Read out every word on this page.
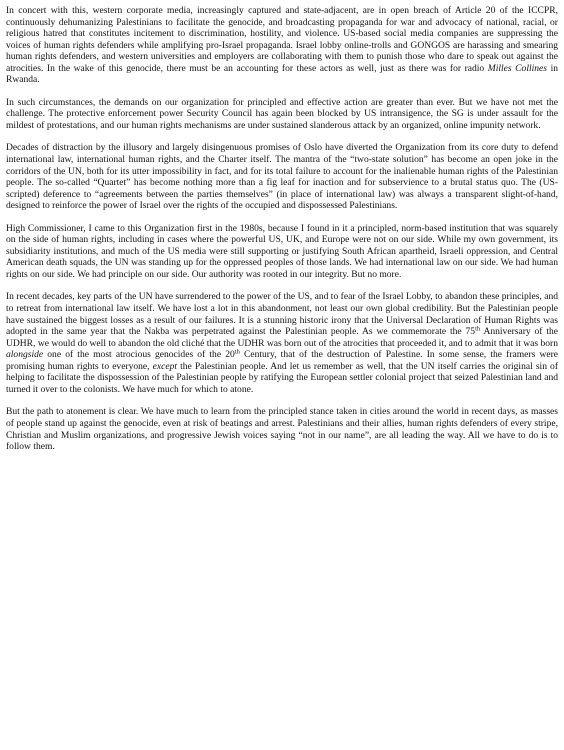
In concert with this, western corporate media, increasingly captured and state-adjacent, are in open breach of Article 20 of the ICCPR, continuously dehumanizing Palestinians to facilitate the genocide, and broadcasting propaganda for war and advocacy of national, racial, or religious hatred that constitutes incitement to discrimination, hostility, and violence. US-based social media companies are suppressing the voices of human rights defenders while amplifying pro-Israel propaganda. Israel lobby online-trolls and GONGOS are harassing and smearing human rights defenders, and western universities and employers are collaborating with them to punish those who dare to speak out against the atrocities. In the wake of this genocide, there must be an accounting for these actors as well, just as there was for radio Milles Collines in Rwanda.

In such circumstances, the demands on our organization for principled and effective action are greater than ever. But we have not met the challenge. The protective enforcement power Security Council has again been blocked by US intransigence, the SG is under assault for the mildest of protestations, and our human rights mechanisms are under sustained slanderous attack by an organized, online impunity network.

Decades of distraction by the illusory and largely disingenuous promises of Oslo have diverted the Organization from its core duty to defend international law, international human rights, and the Charter itself. The mantra of the “two-state solution” has become an open joke in the corridors of the UN, both for its utter impossibility in fact, and for its total failure to account for the inalienable human rights of the Palestinian people. The so-called “Quartet” has become nothing more than a fig leaf for inaction and for subservience to a brutal status quo. The (US-scripted) deference to “agreements between the parties themselves” (in place of international law) was always a transparent slight-of-hand, designed to reinforce the power of Israel over the rights of the occupied and dispossessed Palestinians.

High Commissioner, I came to this Organization first in the 1980s, because I found in it a principled, norm-based institution that was squarely on the side of human rights, including in cases where the powerful US, UK, and Europe were not on our side. While my own government, its subsidiarity institutions, and much of the US media were still supporting or justifying South African apartheid, Israeli oppression, and Central American death squads, the UN was standing up for the oppressed peoples of those lands. We had international law on our side. We had human rights on our side. We had principle on our side. Our authority was rooted in our integrity. But no more.

In recent decades, key parts of the UN have surrendered to the power of the US, and to fear of the Israel Lobby, to abandon these principles, and to retreat from international law itself. We have lost a lot in this abandonment, not least our own global credibility. But the Palestinian people have sustained the biggest losses as a result of our failures. It is a stunning historic irony that the Universal Declaration of Human Rights was adopted in the same year that the Nakba was perpetrated against the Palestinian people. As we commemorate the 75th Anniversary of the UDHR, we would do well to abandon the old cliché that the UDHR was born out of the atrocities that proceeded it, and to admit that it was born alongside one of the most atrocious genocides of the 20th Century, that of the destruction of Palestine. In some sense, the framers were promising human rights to everyone, except the Palestinian people. And let us remember as well, that the UN itself carries the original sin of helping to facilitate the dispossession of the Palestinian people by ratifying the European settler colonial project that seized Palestinian land and turned it over to the colonists. We have much for which to atone.

But the path to atonement is clear. We have much to learn from the principled stance taken in cities around the world in recent days, as masses of people stand up against the genocide, even at risk of beatings and arrest. Palestinians and their allies, human rights defenders of every stripe, Christian and Muslim organizations, and progressive Jewish voices saying “not in our name”, are all leading the way. All we have to do is to follow them.
